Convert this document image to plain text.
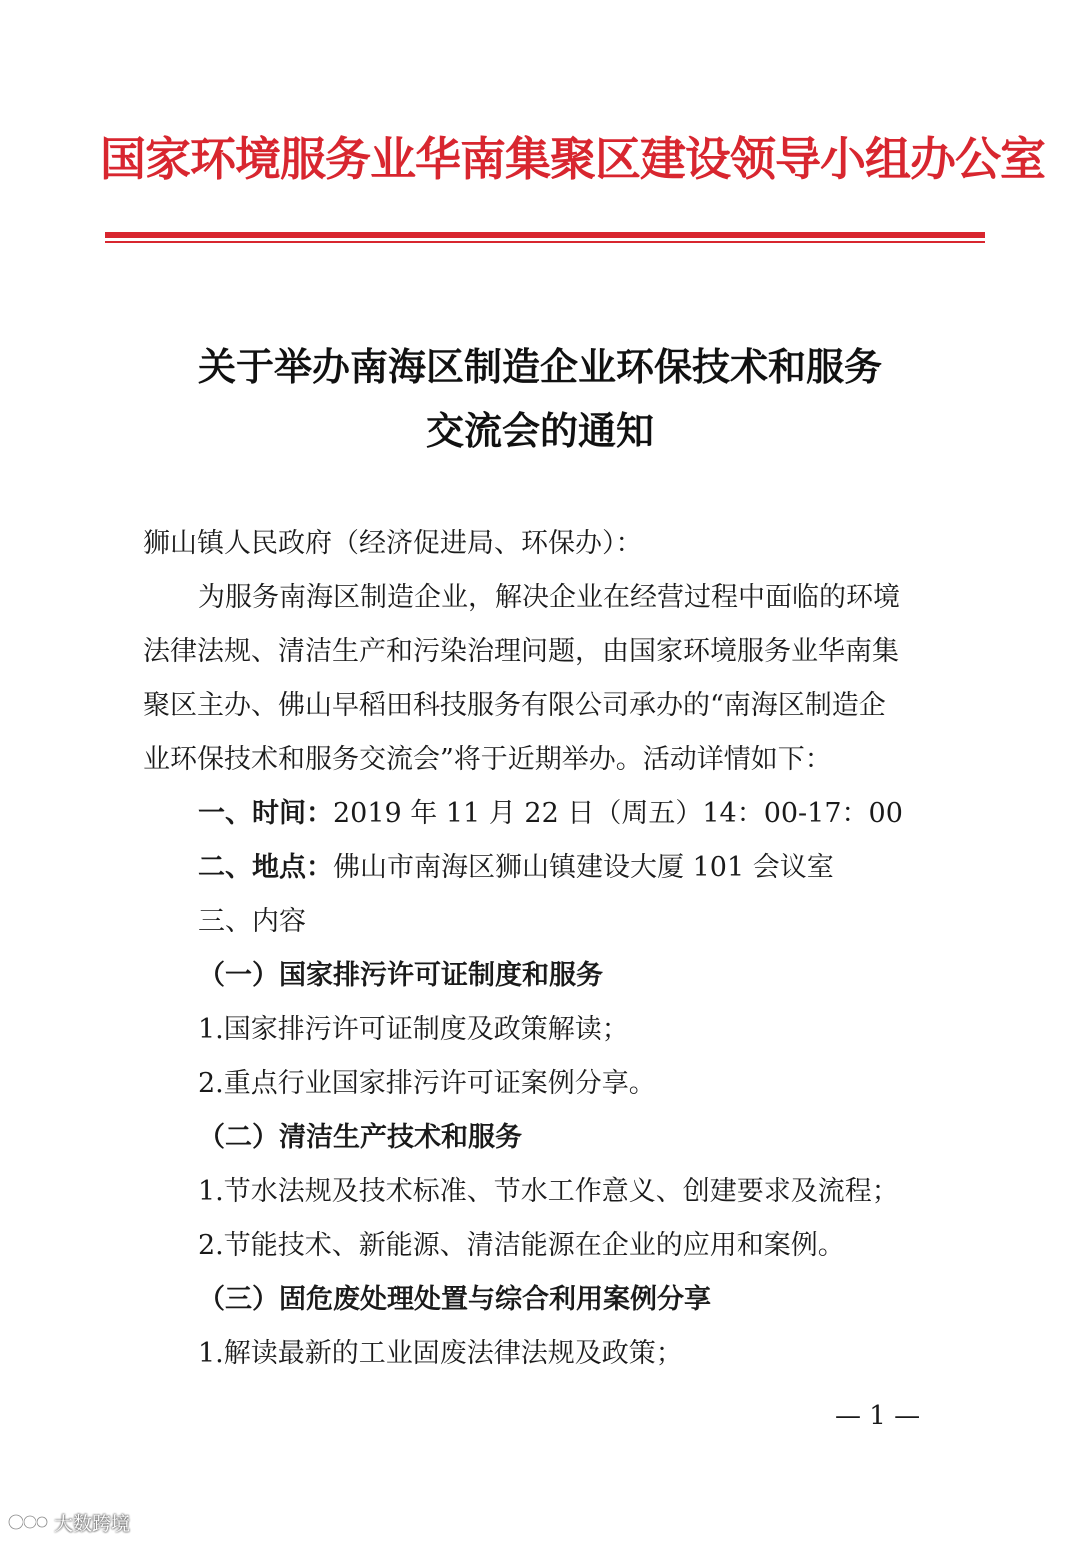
国家环境服务业华南集聚区建设领导小组办公室
关于举办南海区制造企业环保技术和服务
交流会的通知
狮山镇人民政府（经济促进局、环保办）：
为服务南海区制造企业，解决企业在经营过程中面临的环境
法律法规、清洁生产和污染治理问题，由国家环境服务业华南集
聚区主办、佛山早稻田科技服务有限公司承办的“南海区制造企
业环保技术和服务交流会”将于近期举办。活动详情如下：
一、时间：2019 年 11 月 22 日（周五）14：00-17：00
二、地点：佛山市南海区狮山镇建设大厦 101 会议室
三、内容
（一）国家排污许可证制度和服务
1.国家排污许可证制度及政策解读；
2.重点行业国家排污许可证案例分享。
（二）清洁生产技术和服务
1.节水法规及技术标准、节水工作意义、创建要求及流程；
2.节能技术、新能源、清洁能源在企业的应用和案例。
（三）固危废处理处置与综合利用案例分享
1.解读最新的工业固废法律法规及政策；
— 1 —
大数跨境
